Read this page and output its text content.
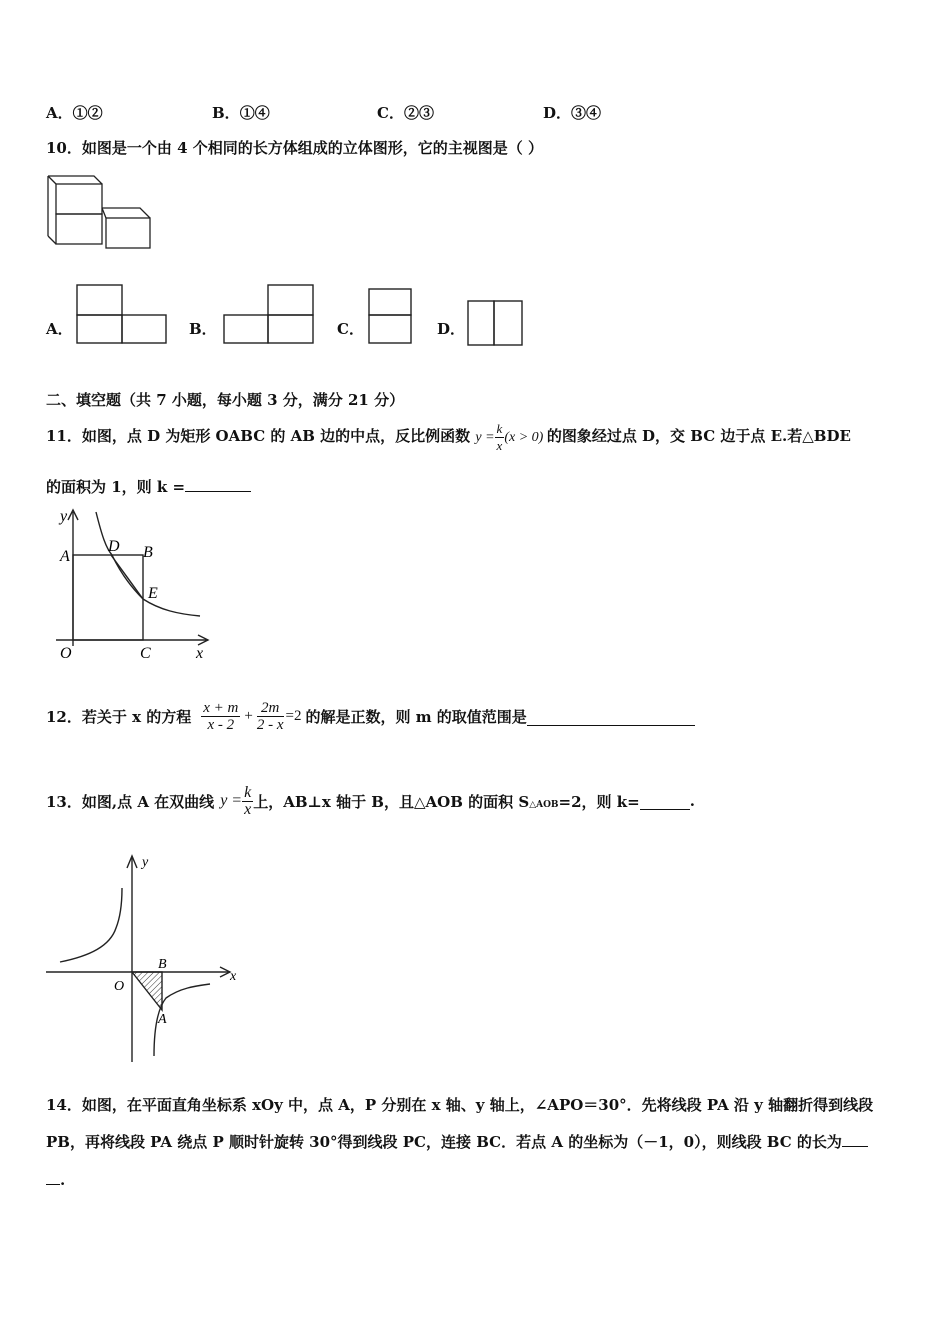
A．①②	B．①④	C．②③	D．③④
10．如图是一个由 4 个相同的长方体组成的立体图形，它的主视图是（ ）
A．	B．	C．	D．
二、填空题（共 7 小题，每小题 3 分，满分 21 分）
11．如图，点 D 为矩形 OABC 的 AB 边的中点，反比例函数 $y = \frac{k}{x} (x > 0)$ 的图象经过点 D，交 BC 边于点 E.若△BDE
的面积为 1，则 k =
y
A
D B
E
O	C	x
12．若关于 x 的方程 $\frac{x + m}{x - 2} + \frac{2m}{2 - x} =2$ 的解是正数，则 m 的取值范围是
13．如图,点 A 在双曲线 $y = \frac{k}{x}$ 上，AB⊥x 轴于 B，且△AOB 的面积 S △AOB =2，则 k=	.
y
x
O
B
A
14．如图，在平面直角坐标系 xOy 中，点 A，P 分别在 x 轴、y 轴上，∠APO＝30°．先将线段 PA 沿 y 轴翻折得到线段
PB，再将线段 PA 绕点 P 顺时针旋转 30°得到线段 PC，连接 BC．若点 A 的坐标为（－1，0），则线段 BC 的长为
.
